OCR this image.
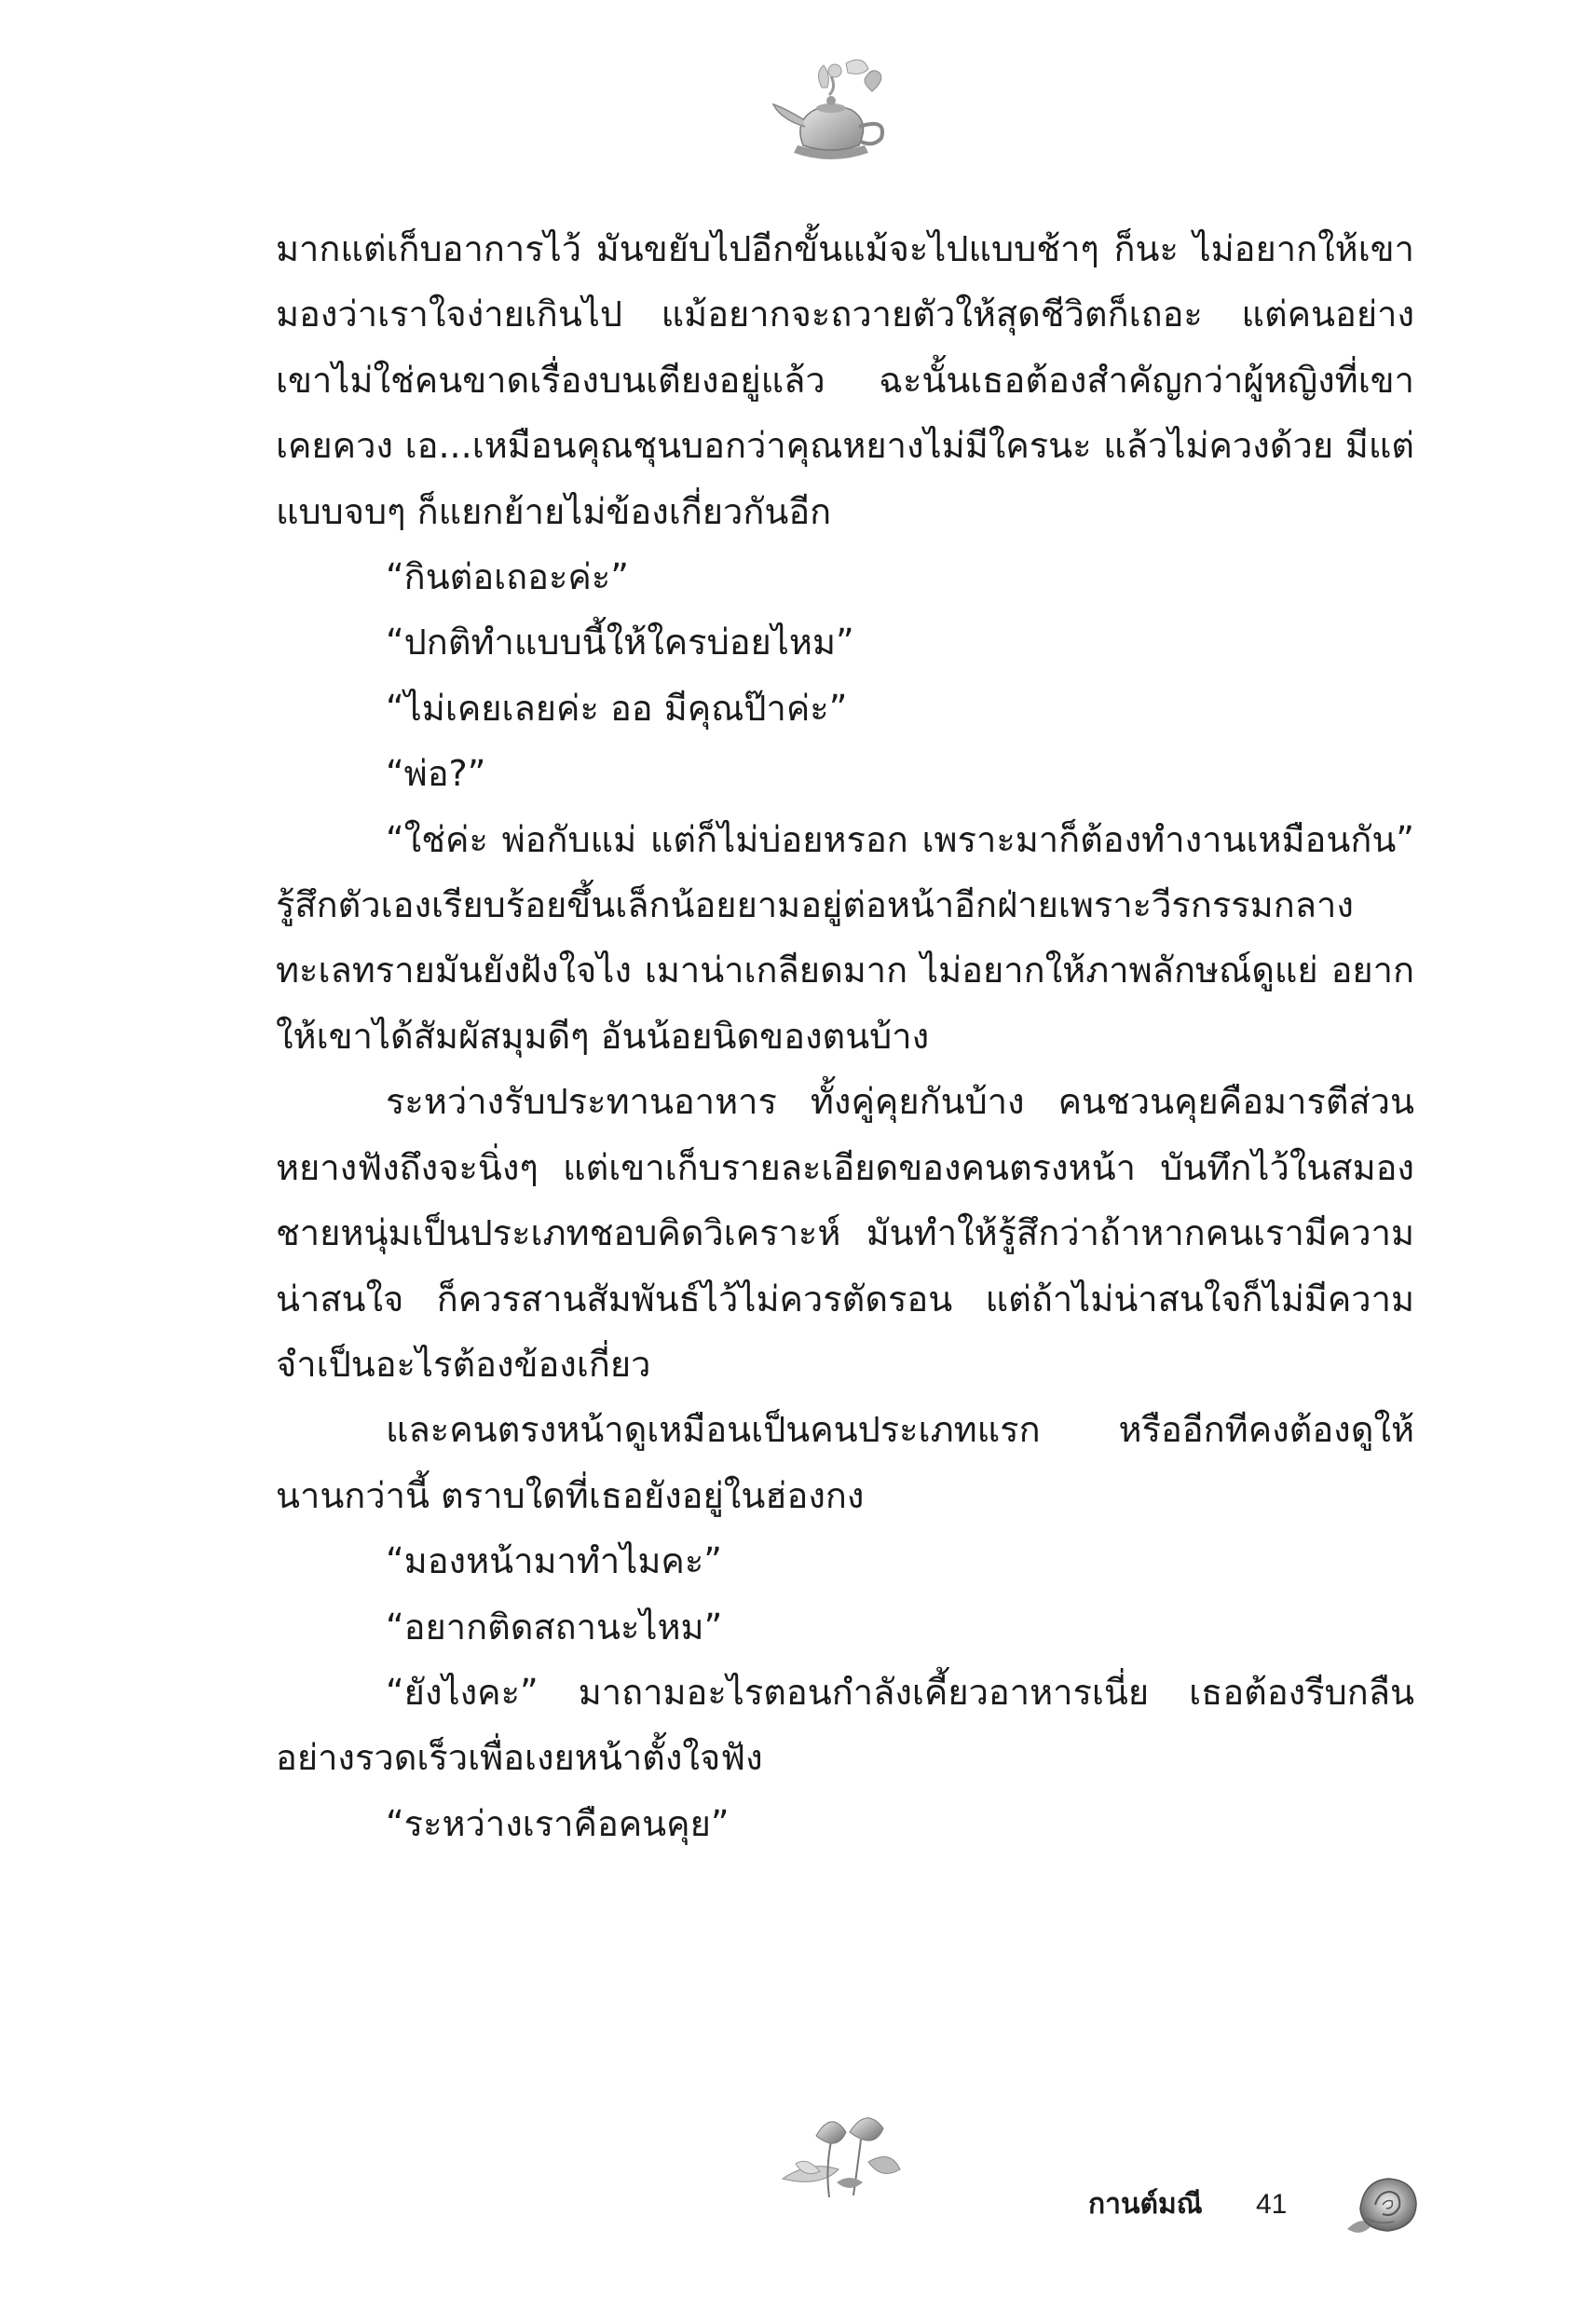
มากแต่เก็บอาการไว้ มันขยับไปอีกขั้นแม้จะไปแบบช้าๆ ก็นะ ไม่อยากให้เขามองว่าเราใจง่ายเกินไป แม้อยากจะถวายตัวให้สุดชีวิตก็เถอะ แต่คนอย่างเขาไม่ใช่คนขาดเรื่องบนเตียงอยู่แล้ว ฉะนั้นเธอต้องสำคัญกว่าผู้หญิงที่เขาเคยควง เอ...เหมือนคุณชุนบอกว่าคุณหยางไม่มีใครนะ แล้วไม่ควงด้วย มีแต่แบบจบๆ ก็แยกย้ายไม่ข้องเกี่ยวกันอีก

“กินต่อเถอะค่ะ”

“ปกติทำแบบนี้ให้ใครบ่อยไหม”

“ไม่เคยเลยค่ะ ออ มีคุณป๊าค่ะ”

“พ่อ?”

“ใช่ค่ะ พ่อกับแม่ แต่ก็ไม่บ่อยหรอก เพราะมาก็ต้องทำงานเหมือนกัน” รู้สึกตัวเองเรียบร้อยขึ้นเล็กน้อยยามอยู่ต่อหน้าอีกฝ่ายเพราะวีรกรรมกลางทะเลทรายมันยังฝังใจไง เมาน่าเกลียดมาก ไม่อยากให้ภาพลักษณ์ดูแย่ อยากให้เขาได้สัมผัสมุมดีๆ อันน้อยนิดของตนบ้าง

ระหว่างรับประทานอาหาร ทั้งคู่คุยกันบ้าง คนชวนคุยคือมารตีส่วนหยางฟังถึงจะนิ่งๆ แต่เขาเก็บรายละเอียดของคนตรงหน้า บันทึกไว้ในสมอง ชายหนุ่มเป็นประเภทชอบคิดวิเคราะห์ มันทำให้รู้สึกว่าถ้าหากคนเรามีความน่าสนใจ ก็ควรสานสัมพันธ์ไว้ไม่ควรตัดรอน แต่ถ้าไม่น่าสนใจก็ไม่มีความจำเป็นอะไรต้องข้องเกี่ยว

และคนตรงหน้าดูเหมือนเป็นคนประเภทแรก หรืออีกทีคงต้องดูให้นานกว่านี้ ตราบใดที่เธอยังอยู่ในฮ่องกง

“มองหน้ามาทำไมคะ”

“อยากติดสถานะไหม”

“ยังไงคะ” มาถามอะไรตอนกำลังเคี้ยวอาหารเนี่ย เธอต้องรีบกลืนอย่างรวดเร็วเพื่อเงยหน้าตั้งใจฟัง

“ระหว่างเราคือคนคุย”

กานต์มณี 41
